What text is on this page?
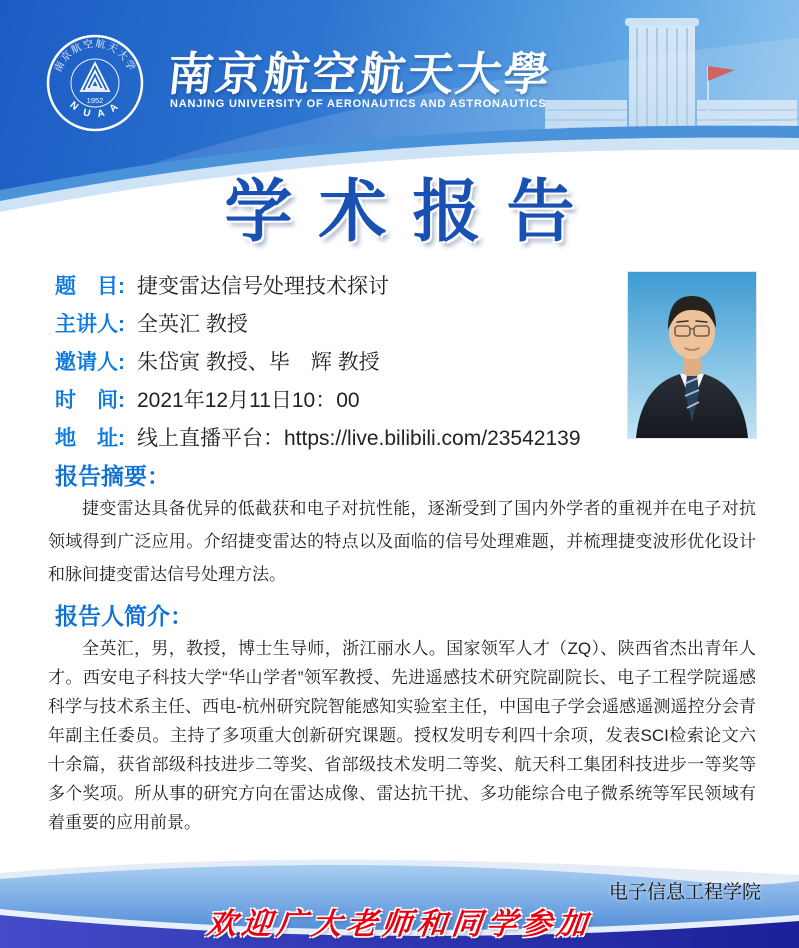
南京航空航天大学
N U A A
1952
南京航空航天大學
NANJING UNIVERSITY OF AERONAUTICS AND ASTRONAUTICS
学术报告
题　目: 捷变雷达信号处理技术探讨
主讲人: 全英汇 教授
邀请人: 朱岱寅 教授、毕　辉 教授
时　间: 2021年12月11日10：00
地　址: 线上直播平台：https://live.bilibili.com/23542139
报告摘要：

捷变雷达具备优异的低截获和电子对抗性能，逐渐受到了国内外学者的重视并在电子对抗领域得到广泛应用。介绍捷变雷达的特点以及面临的信号处理难题，并梳理捷变波形优化设计和脉间捷变雷达信号处理方法。

报告人简介：

全英汇，男，教授，博士生导师，浙江丽水人。国家领军人才（ZQ）、陕西省杰出青年人才。西安电子科技大学“华山学者”领军教授、先进遥感技术研究院副院长、电子工程学院遥感科学与技术系主任、西电-杭州研究院智能感知实验室主任，中国电子学会遥感遥测遥控分会青年副主任委员。主持了多项重大创新研究课题。授权发明专利四十余项，发表SCI检索论文六十余篇，获省部级科技进步二等奖、省部级技术发明二等奖、航天科工集团科技进步一等奖等多个奖项。所从事的研究方向在雷达成像、雷达抗干扰、多功能综合电子微系统等军民领域有着重要的应用前景。

电子信息工程学院
欢迎广大老师和同学参加
